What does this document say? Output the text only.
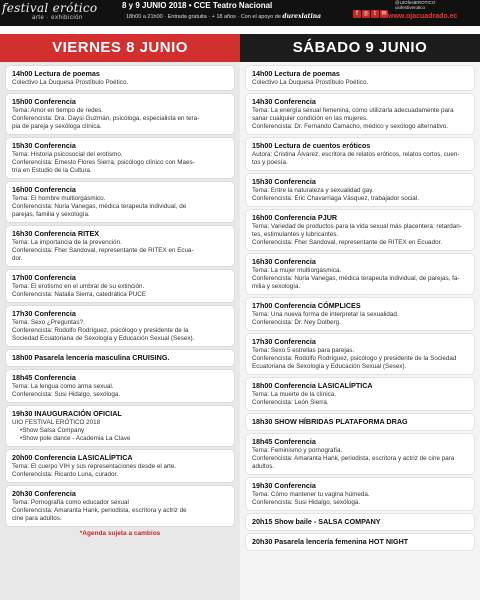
festival erótico
arte · exhibición
8 y 9 JUNIO 2018 • CCE Teatro Nacional
18h00 a 21h00 · Entrada gratuita · + 18 años · Con el apoyo de durexlatina	f ◎ t ✉
@UIOfestEROTICO
uiofestiverotico
www.ojacuadrado.ec
VIERNES 8 JUNIO
14h00 Lectura de poemas
Colectivo La Duquesa Prostíbulo Poético.
15h00 Conferencia
Tema: Amor en tiempo de redes.
Conferencista: Dra. Daysi Guzmán, psicóloga, especialista en tera-
pia de pareja y sexóloga clínica.
15h30 Conferencia
Tema: Historia psicosocial del erotismo.
Conferencista: Ernesto Flores Sierra, psicólogo clínico con Maes-
tría en Estudio de la Cultura.
16h00 Conferencia
Tema: El hombre multiorgásmico.
Conferencista: Nuria Vanegas, médica terapeuta individual, de
parejas, familia y sexología.
16h30 Conferencia RITEX
Tema: La importancia de la prevención.
Conferencista: Fher Sandoval, representante de RITEX en Ecua-
dor.
17h00 Conferencia
Tema: El erotismo en el umbral de su extinción.
Conferencista: Natalia Sierra, catedrática PUCE
17h30 Conferencia
Tema: Sexo ¿Preguntas?.
Conferencista: Rodolfo Rodríguez, psicólogo y presidente de la
Sociedad Ecuatoriana de Sexología y Educación Sexual (Sesex).
18h00 Pasarela lencería masculina CRUISING.
18h45 Conferencia
Tema: La lengua como arma sexual.
Conferencista: Susi Hidalgo, sexóloga.
19h30 INAUGURACIÓN OFICIAL
UIO FESTIVAL ERÓTICO 2018
• Show Salsa Company
• Show pole dance - Academia La Clave
20h00 Conferencia LASICALÍPTICA
Tema: El cuerpo VIH y sus representaciones desde el arte.
Conferencista: Ricardo Luna, curador.
20h30 Conferencia
Tema: Pornografía como educador sexual
Conferencista: Amaranta Hank, periodista, escritora y actriz de
cine para adultos.
*Agenda sujeta a cambios
SÁBADO 9 JUNIO
14h00 Lectura de poemas
Colectivo La Duquesa Prostíbulo Poético.
14h30 Conferencia
Tema: La energía sexual femenina, cómo utilizarla adecuadamente para
sanar cualquier condición en las mujeres.
Conferencista: Dr. Fernando Camacho, médico y sexólogo alternativo.
15h00 Lectura de cuentos eróticos
Autora: Cristina Álvarez, escritora de relatos eróticos, relatos cortos, cuen-
tos y poesía.
15h30 Conferencia
Tema: Entre la naturaleza y sexualidad gay.
Conferencista: Eric Chavarriaga Vásquez, trabajador social.
16h00 Conferencia PJUR
Tema: Variedad de productos para la vida sexual más placentera: retardan-
tes, estimulantes y lubricantes.
Conferencista: Fher Sandoval, representante de RITEX en Ecuador.
16h30 Conferencia
Tema: La mujer multiorgásmica.
Conferencista: Nuria Vanegas, médica terapeuta individual, de parejas, fa-
milia y sexología.
17h00 Conferencia CÓMPLICES
Tema: Una nueva forma de interpretar la sexualidad.
Conferencista: Dr. Ney Dolberg.
17h30 Conferencia
Tema: Sexo 5 estrellas para parejas.
Conferencista: Rodolfo Rodríguez, psicólogo y presidente de la Sociedad
Ecuatoriana de Sexología y Educación Sexual (Sesex).
18h00 Conferencia LASICALÍPTICA
Tema: La muerte de la clínica.
Conferencista: León Sierra.
18h30 SHOW HÍBRIDAS PLATAFORMA DRAG
18h45 Conferencia
Tema: Feminismo y pornografía.
Conferencista: Amaranta Hank, periodista, escritora y actriz de cine para
adultos.
19h30 Conferencia
Tema: Cómo mantener tu vagina húmeda.
Conferencista: Susi Hidalgo, sexóloga.
20h15 Show baile - SALSA COMPANY
20h30 Pasarela lencería femenina HOT NIGHT
